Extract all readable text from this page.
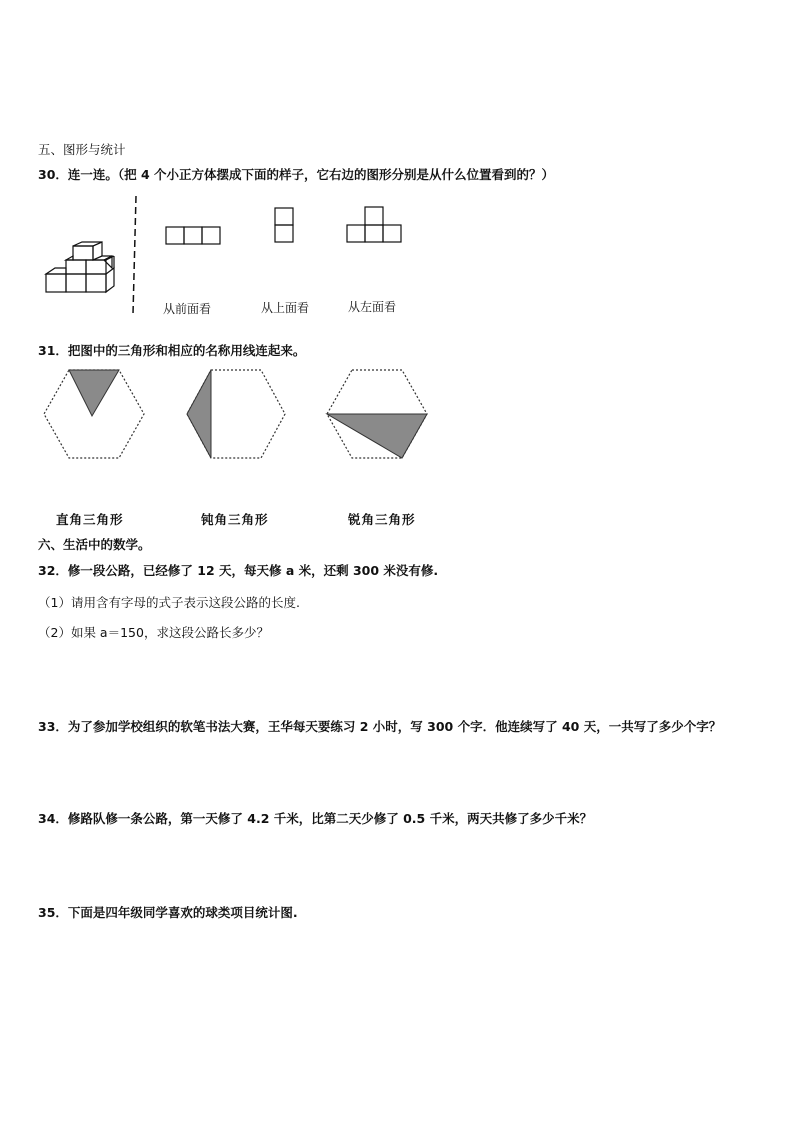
五、图形与统计
30．连一连。（把 4 个小正方体摆成下面的样子，它右边的图形分别是从什么位置看到的？）
从前面看	从上面看	从左面看
31．把图中的三角形和相应的名称用线连起来。
直角三角形	钝角三角形	锐角三角形
六、生活中的数学。
32．修一段公路，已经修了 12 天，每天修 a 米，还剩 300 米没有修.
（1）请用含有字母的式子表示这段公路的长度.
（2）如果 a＝150，求这段公路长多少？
33．为了参加学校组织的软笔书法大赛，王华每天要练习 2 小时，写 300 个字．他连续写了 40 天，一共写了多少个字？
34．修路队修一条公路，第一天修了 4.2 千米，比第二天少修了 0.5 千米，两天共修了多少千米？
35．下面是四年级同学喜欢的球类项目统计图.
